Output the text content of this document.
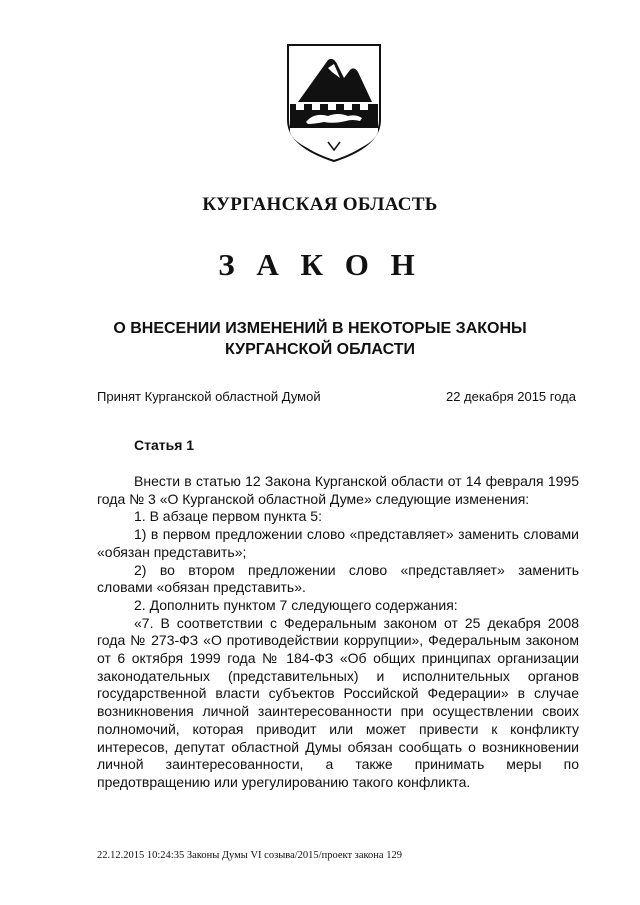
КУРГАНСКАЯ ОБЛАСТЬ
З А К О Н
О ВНЕСЕНИИ ИЗМЕНЕНИЙ В НЕКОТОРЫЕ ЗАКОНЫ
КУРГАНСКОЙ ОБЛАСТИ
Принят Курганской областной Думой	22 декабря 2015 года
Статья 1

Внести в статью 12 Закона Курганской области от 14 февраля 1995 года № 3 «О Курганской областной Думе» следующие изменения:

1. В абзаце первом пункта 5:

1) в первом предложении слово «представляет» заменить словами «обязан представить»;

2) во втором предложении слово «представляет» заменить словами «обязан представить».

2. Дополнить пунктом 7 следующего содержания:

«7. В соответствии с Федеральным законом от 25 декабря 2008 года № 273-ФЗ «О противодействии коррупции», Федеральным законом от 6 октября 1999 года № 184-ФЗ «Об общих принципах организации законодательных (представительных) и исполнительных органов государственной власти субъектов Российской Федерации» в случае возникновения личной заинтересованности при осуществлении своих полномочий, которая приводит или может привести к конфликту интересов, депутат областной Думы обязан сообщать о возникновении личной заинтересованности, а также принимать меры по предотвращению или урегулированию такого конфликта.

22.12.2015 10:24:35 Законы Думы VI созыва/2015/проект закона 129
